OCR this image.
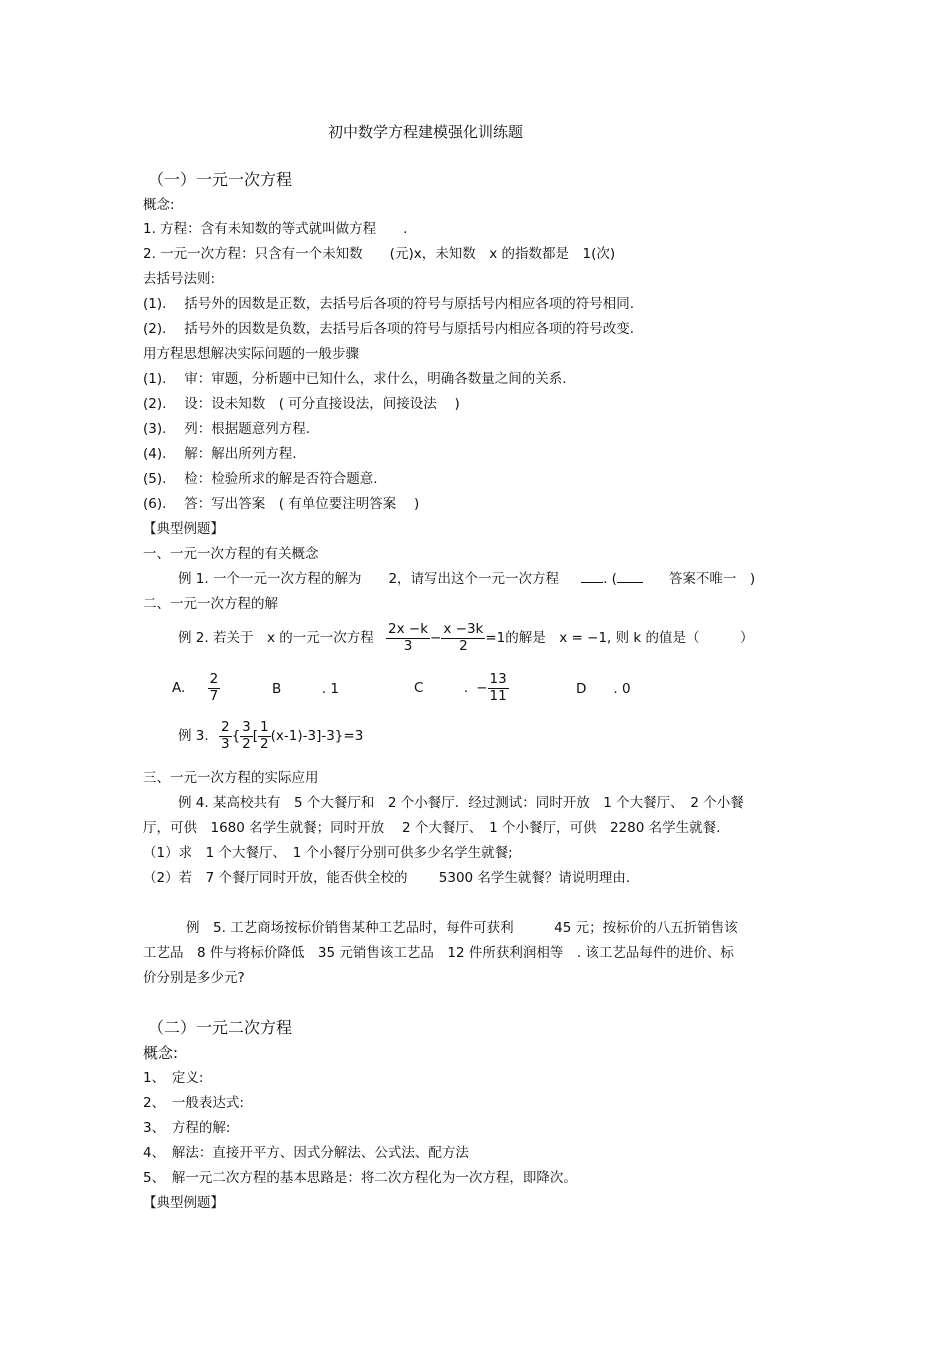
初中数学方程建模强化训练题
（一）一元一次方程
概念:
1. 方程：含有未知数的等式就叫做方程　　.
2. 一元一次方程：只含有一个未知数　　(元)x，未知数　x 的指数都是　1(次)
去括号法则:
(1).　 括号外的因数是正数，去括号后各项的符号与原括号内相应各项的符号相同.
(2).　 括号外的因数是负数，去括号后各项的符号与原括号内相应各项的符号改变.
用方程思想解决实际问题的一般步骤
(1).　 审：审题，分析题中已知什么，求什么，明确各数量之间的关系.
(2).　 设：设未知数　( 可分直接设法，间接设法　 )
(3).　 列：根据题意列方程.
(4).　 解：解出所列方程.
(5).　 检：检验所求的解是否符合题意.
(6).　 答：写出答案　( 有单位要注明答案　 )
【典型例题】
一、一元一次方程的有关概念
例 1. 一个一元一次方程的解为　　2，请写出这个一元一次方程	. (	答案不唯一　)
二、一元一次方程的解
例 2. 若关于　x 的一元一次方程 $\frac{2x -k}{3} - \frac{x -3k}{2} =1$的解是　x = −1, 则 k 的值是（　　　）
A. $\frac{2}{7}$	B　　　. 1	C　　　. − $\frac{13}{11}$	D　　. 0
例 3. $\frac{2}{3}$ { $\frac{3}{2}$ [ $\frac{1}{2} (x-1)-3]-3\}=3$
三、一元一次方程的实际应用
例 4. 某高校共有　5 个大餐厅和　2 个小餐厅．经过测试：同时开放　1 个大餐厅、　2 个小餐
厅，可供　1680 名学生就餐；同时开放　 2 个大餐厅、　1 个小餐厅，可供　2280 名学生就餐.
（1）求　1 个大餐厅、　1 个小餐厅分别可供多少名学生就餐;
（2）若　7 个餐厅同时开放，能否供全校的　　 5300 名学生就餐？请说明理由.
例　5. 工艺商场按标价销售某种工艺品时，每件可获利　　　45 元；按标价的八五折销售该
工艺品　8 件与将标价降低　35 元销售该工艺品　12 件所获利润相等　. 该工艺品每件的进价、标
价分别是多少元?
（二）一元二次方程
概念:
1、　定义:
2、　一般表达式:
3、　方程的解:
4、　解法：直接开平方、因式分解法、公式法、配方法
5、　解一元二次方程的基本思路是：将二次方程化为一次方程，即降次。
【典型例题】
